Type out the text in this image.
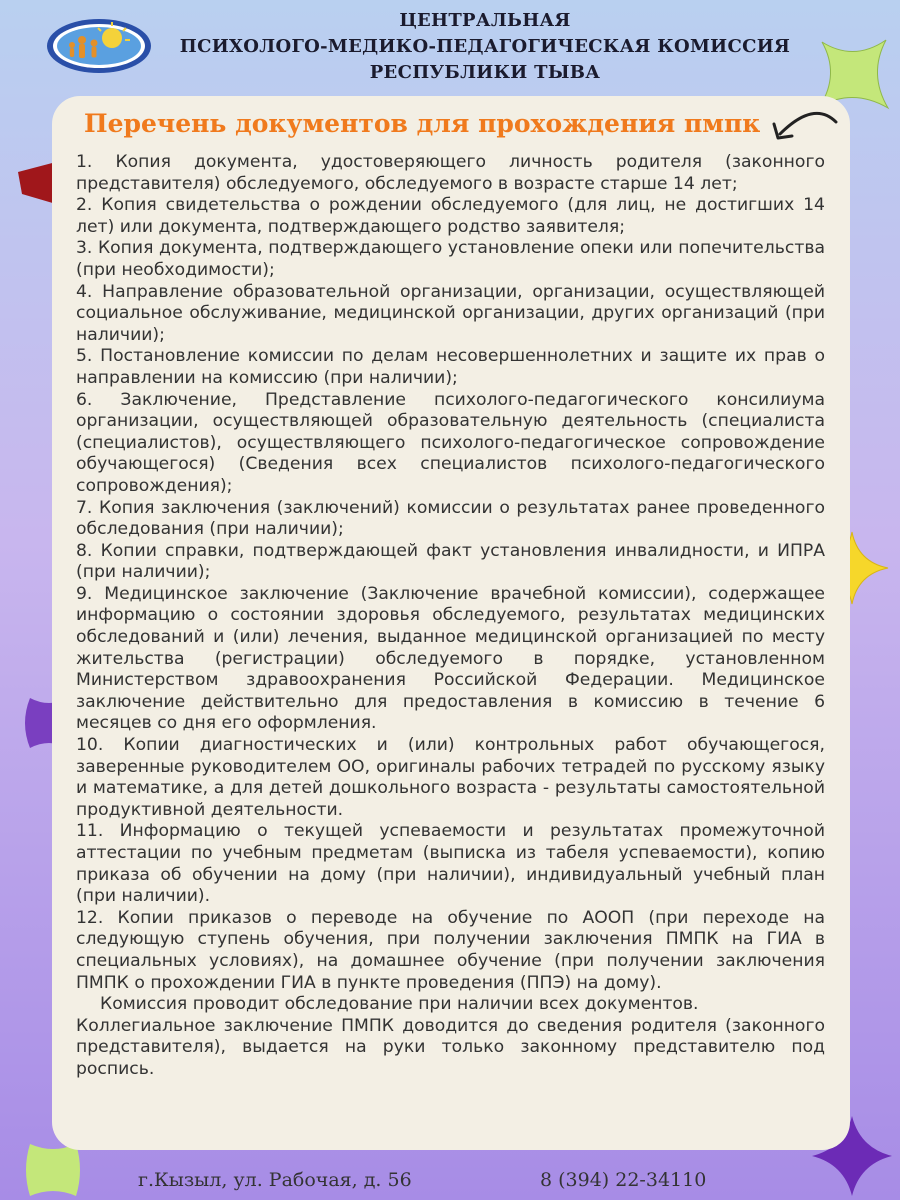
ЦЕНТРАЛЬНАЯ
ПСИХОЛОГО-МЕДИКО-ПЕДАГОГИЧЕСКАЯ КОМИССИЯ
РЕСПУБЛИКИ ТЫВА
Перечень документов для прохождения пмпк

1. Копия документа, удостоверяющего личность родителя (законного представителя) обследуемого, обследуемого в возрасте старше 14 лет;

2. Копия свидетельства о рождении обследуемого (для лиц, не достигших 14 лет) или документа, подтверждающего родство заявителя;

3. Копия документа, подтверждающего установление опеки или попечительства (при необходимости);

4. Направление образовательной организации, организации, осуществляющей социальное обслуживание, медицинской организации, других организаций (при наличии);

5. Постановление комиссии по делам несовершеннолетних и защите их прав о направлении на комиссию (при наличии);

6. Заключение, Представление психолого-педагогического консилиума организации, осуществляющей образовательную деятельность (специалиста (специалистов), осуществляющего психолого-педагогическое сопровождение обучающегося) (Сведения всех специалистов психолого-педагогического сопровождения);

7. Копия заключения (заключений) комиссии о результатах ранее проведенного обследования (при наличии);

8. Копии справки, подтверждающей факт установления инвалидности, и ИПРА (при наличии);

9. Медицинское заключение (Заключение врачебной комиссии), содержащее информацию о состоянии здоровья обследуемого, результатах медицинских обследований и (или) лечения, выданное медицинской организацией по месту жительства (регистрации) обследуемого в порядке, установленном Министерством здравоохранения Российской Федерации. Медицинское заключение действительно для предоставления в комиссию в течение 6 месяцев со дня его оформления.

10. Копии диагностических и (или) контрольных работ обучающегося, заверенные руководителем ОО, оригиналы рабочих тетрадей по русскому языку и математике, а для детей дошкольного возраста - результаты самостоятельной продуктивной деятельности.

11. Информацию о текущей успеваемости и результатах промежуточной аттестации по учебным предметам (выписка из табеля успеваемости), копию приказа об обучении на дому (при наличии), индивидуальный учебный план (при наличии).

12. Копии приказов о переводе на обучение по АООП (при переходе на следующую ступень обучения, при получении заключения ПМПК на ГИА в специальных условиях), на домашнее обучение (при получении заключения ПМПК о прохождении ГИА в пункте проведения (ППЭ) на дому).

Комиссия проводит обследование при наличии всех документов.

Коллегиальное заключение ПМПК доводится до сведения родителя (законного представителя), выдается на руки только законному представителю под роспись.

г.Кызыл, ул. Рабочая, д. 56	8 (394) 22-34110
